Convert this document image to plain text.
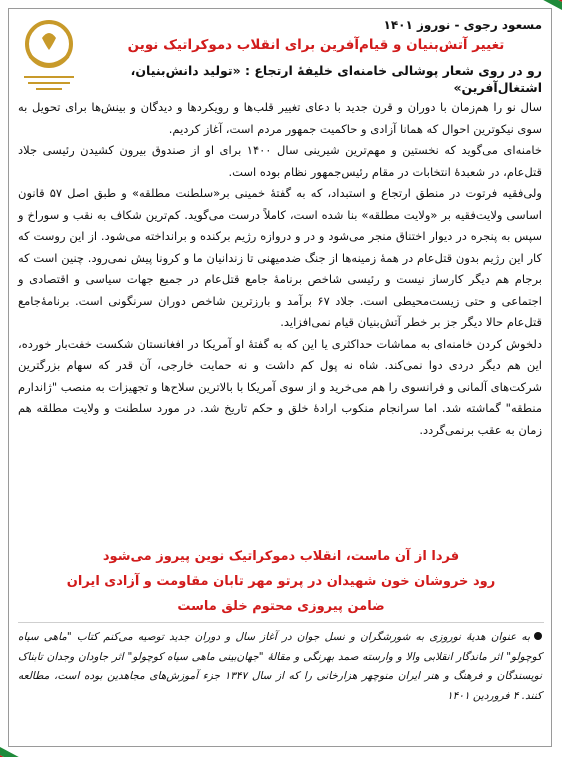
مسعود رجوی - نوروز ۱۴۰۱
تغییر آتش‌بنیان و قیام‌آفرین برای انقلاب دموکراتیک نوین
رو در روی شعار پوشالی خامنه‌ای خلیفهٔ ارتجاع : «تولید دانش‌بنیان، اشتغال‌آفرین»

سال نو را هم‌زمان با دوران و قرن جدید با دعای تغییر قلب‌ها و رویکردها و دیدگان و بینش‌ها برای تحویل به سوی نیکوترین احوال که همانا آزادی و حاکمیت جمهور مردم است، آغاز کردیم.

خامنه‌ای می‌گوید که نخستین و مهم‌ترین شیرینی سال ۱۴۰۰ برای او از صندوق بیرون کشیدن رئیسی جلاد قتل‌عام، در شعبدهٔ انتخابات در مقام رئیس‌جمهور نظام بوده است.

ولی‌فقیه فرتوت در منطق ارتجاع و استبداد، که به گفتهٔ خمینی بر«سلطنت مطلقه» و طبق اصل ۵۷ قانون اساسی ولایت‌فقیه بر «ولایت مطلقه» بنا شده است، کاملاً درست می‌گوید. کم‌ترین شکاف به نقب و سوراخ و سپس به پنجره در دیوار اختناق منجر می‌شود و در و دروازه رژیم برکنده و برانداخته می‌شود. از این روست که کار این رژیم بدون قتل‌عام در همهٔ زمینه‌ها از جنگ ضدمیهنی تا زندانیان ما و کرونا پیش نمی‌رود. چنین است که برجام هم دیگر کارساز نیست و رئیسی شاخص برنامهٔ جامع قتل‌عام در جمیع جهات سیاسی و اقتصادی و اجتماعی و حتی زیست‌محیطی است. جلاد ۶۷ برآمد و بارزترین شاخص دوران سرنگونی است. برنامهٔ‌جامع قتل‌عام حالا دیگر جز بر خطر آتش‌بنیان قیام نمی‌افزاید.

دلخوش کردن خامنه‌ای به مماشات حداکثری یا این که به گفتهٔ او آمریکا در افغانستان شکست خفت‌بار خورده، این هم دیگر دردی دوا نمی‌کند. شاه نه پول کم داشت و نه حمایت خارجی، آن قدر که سهام بزرگترین شرکت‌های آلمانی و فرانسوی را هم می‌خرید و از سوی آمریکا با بالاترین سلاح‌ها و تجهیزات به منصب "ژاندارم منطقه" گماشته شد. اما سرانجام منکوب ارادهٔ خلق و حکم تاریخ شد. در مورد سلطنت و ولایت مطلقه هم زمان به عقب برنمی‌گردد.

فردا از آن ماست، انقلاب دموکراتیک نوین پیروز می‌شود
رود خروشان خون شهیدان در پرتو مهر تابان مقاومت و آزادی ایران
ضامن پیروزی محتوم خلق ماست
به عنوان هدیهٔ نوروزی به شورشگران و نسل جوان در آغاز سال و دوران جدید توصیه می‌کنم کتاب "ماهی سیاه کوچولو" اثر ماندگار انقلابی والا و وارسته صمد بهرنگی و مقالهٔ "جهان‌بینی ماهی سیاه کوچولو" اثر جاودان وجدان تابناک نویسندگان و فرهنگ و هنر ایران منوچهر هزارخانی را که از سال ۱۳۴۷ جزء آموزش‌های مجاهدین بوده است، مطالعه کنند. ۴ فروردین ۱۴۰۱
